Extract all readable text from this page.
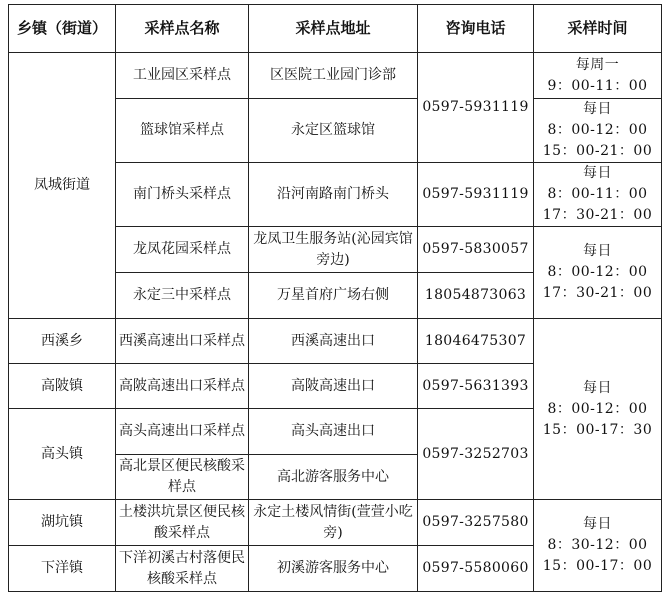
乡镇（街道）	采样点名称	采样点地址	咨询电话	采样时间
凤城街道	工业园区采样点	区医院工业园门诊部	0597-5931119	每周一
9：00-11：00

	篮球馆采样点	永定区篮球馆		每日
8：00-12：00
15：00-21：00

	南门桥头采样点	沿河南路南门桥头	0597-5931119	每日
8：00-11：00
17：30-21：00

	龙凤花园采样点	龙凤卫生服务站(沁园宾馆旁边)	0597-5830057	每日
8：00-12：00
17：30-21：00

	永定三中采样点	万星首府广场右侧	18054873063	
西溪乡	西溪高速出口采样点	西溪高速出口	18046475307	每日
8：00-12：00
15：00-17：30

高陂镇	高陂高速出口采样点	高陂高速出口	0597-5631393	
高头镇	高头高速出口采样点	高头高速出口	0597-3252703	
	高北景区便民核酸采样点	高北游客服务中心		
湖坑镇	土楼洪坑景区便民核酸采样点	永定土楼风情街(萱萱小吃旁)	0597-3257580	每日
8：30-12：00
15：00-17：00

下洋镇	下洋初溪古村落便民核酸采样点	初溪游客服务中心	0597-5580060	
